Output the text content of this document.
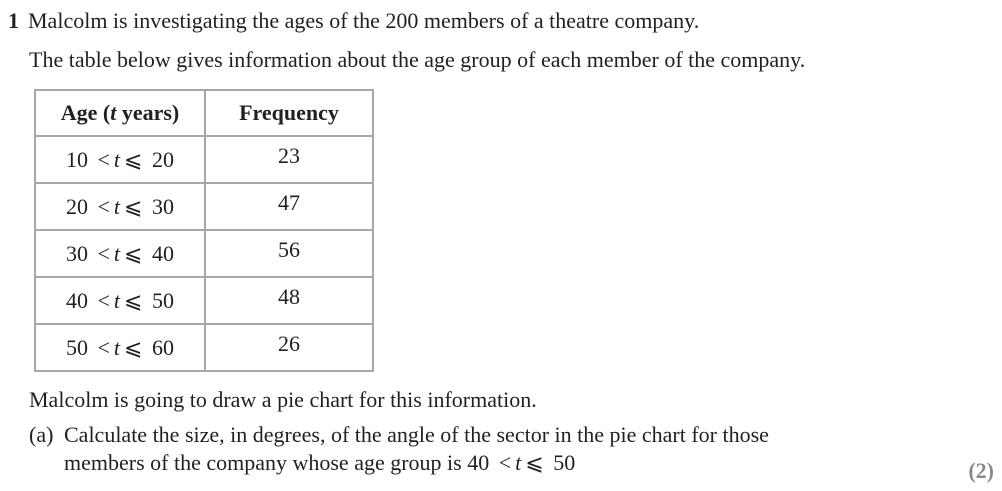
1 Malcolm is investigating the ages of the 200 members of a theatre company.
The table below gives information about the age group of each member of the company.
Age (t years)	Frequency
10 < t ⩽ 20	23
20 < t ⩽ 30	47
30 < t ⩽ 40	56
40 < t ⩽ 50	48
50 < t ⩽ 60	26
Malcolm is going to draw a pie chart for this information.
(a) Calculate the size, in degrees, of the angle of the sector in the pie chart for those
members of the company whose age group is 40 < t ⩽ 50	(2)
